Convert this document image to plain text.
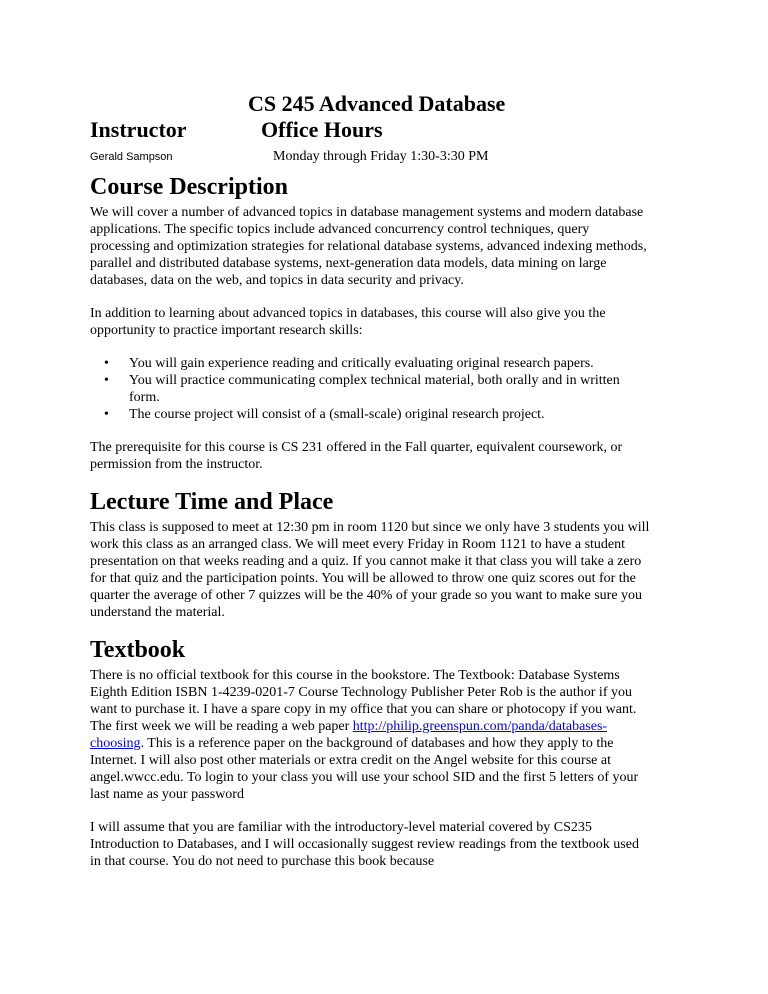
CS 245 Advanced Database
Instructor	Office Hours
Gerald Sampson	Monday through Friday 1:30-3:30 PM
Course Description

We will cover a number of advanced topics in database management systems and modern database applications. The specific topics include advanced concurrency control techniques, query processing and optimization strategies for relational database systems, advanced indexing methods, parallel and distributed database systems, next-generation data models, data mining on large databases, data on the web, and topics in data security and privacy.

In addition to learning about advanced topics in databases, this course will also give you the opportunity to practice important research skills:

• You will gain experience reading and critically evaluating original research papers.
• You will practice communicating complex technical material, both orally and in written form.
• The course project will consist of a (small-scale) original research project.

The prerequisite for this course is CS 231 offered in the Fall quarter, equivalent coursework, or permission from the instructor.

Lecture Time and Place

This class is supposed to meet at 12:30 pm in room 1120 but since we only have 3 students you will work this class as an arranged class. We will meet every Friday in Room 1121 to have a student presentation on that weeks reading and a quiz. If you cannot make it that class you will take a zero for that quiz and the participation points. You will be allowed to throw one quiz scores out for the quarter the average of other 7 quizzes will be the 40% of your grade so you want to make sure you understand the material.

Textbook

There is no official textbook for this course in the bookstore. The Textbook: Database Systems Eighth Edition ISBN 1-4239-0201-7 Course Technology Publisher Peter Rob is the author if you want to purchase it. I have a spare copy in my office that you can share or photocopy if you want. The first week we will be reading a web paper http://philip.greenspun.com/panda/databases-choosing. This is a reference paper on the background of databases and how they apply to the Internet. I will also post other materials or extra credit on the Angel website for this course at angel.wwcc.edu. To login to your class you will use your school SID and the first 5 letters of your last name as your password

I will assume that you are familiar with the introductory-level material covered by CS235 Introduction to Databases, and I will occasionally suggest review readings from the textbook used in that course. You do not need to purchase this book because
